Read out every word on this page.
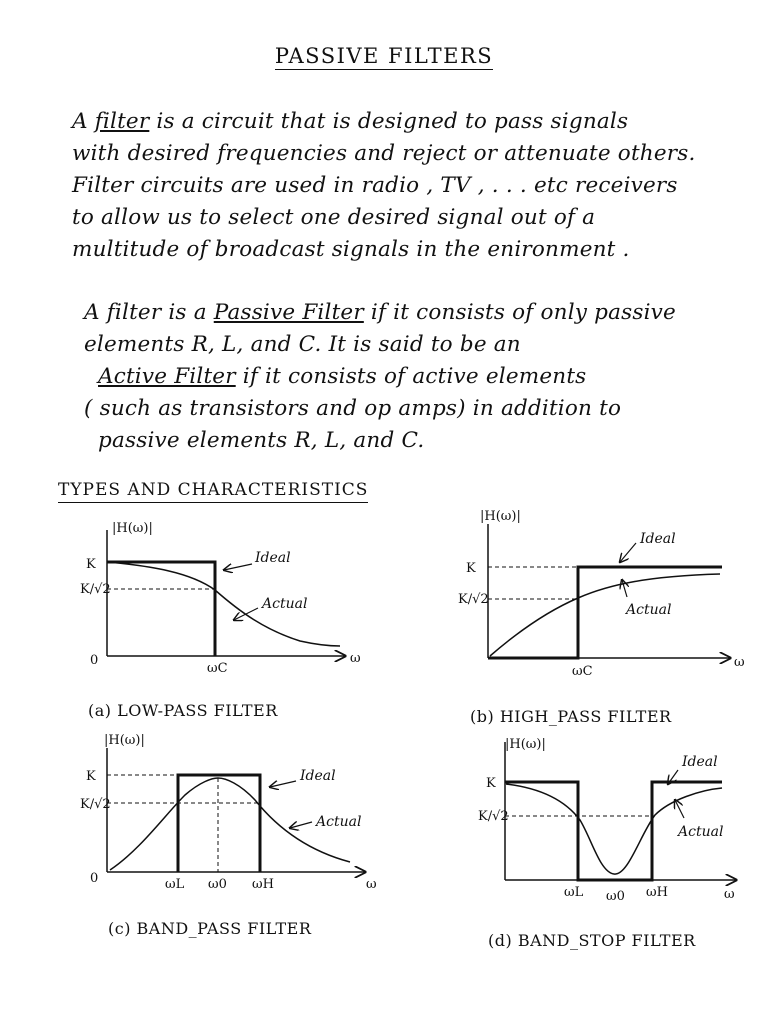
PASSIVE FILTERS
A filter is a circuit that is designed to pass signals
with desired frequencies and reject or attenuate others.
Filter circuits are used in radio , TV , . . . etc receivers
to allow us to select one desired signal out of a
multitude of broadcast signals in the enironment .
A filter is a Passive Filter if it consists of only passive
elements R, L, and C. It is said to be an
Active Filter if it consists of active elements
( such as transistors and op amps) in addition to
passive elements R, L, and C.
TYPES AND CHARACTERISTICS
|H(ω)|
K
K/√2
0	ω
ωC
Ideal
Actual
(a) LOW-PASS FILTER
|H(ω)|
K
K/√2
ω
ωC
Ideal
Actual
(b) HIGH_PASS FILTER
|H(ω)|
K
K/√2
0	ω
ωL ω0 ωH
Ideal
Actual
(c) BAND_PASS FILTER
|H(ω)|
K
K/√2
ω
ωL ω0 ωH
Ideal
Actual
(d) BAND_STOP FILTER
